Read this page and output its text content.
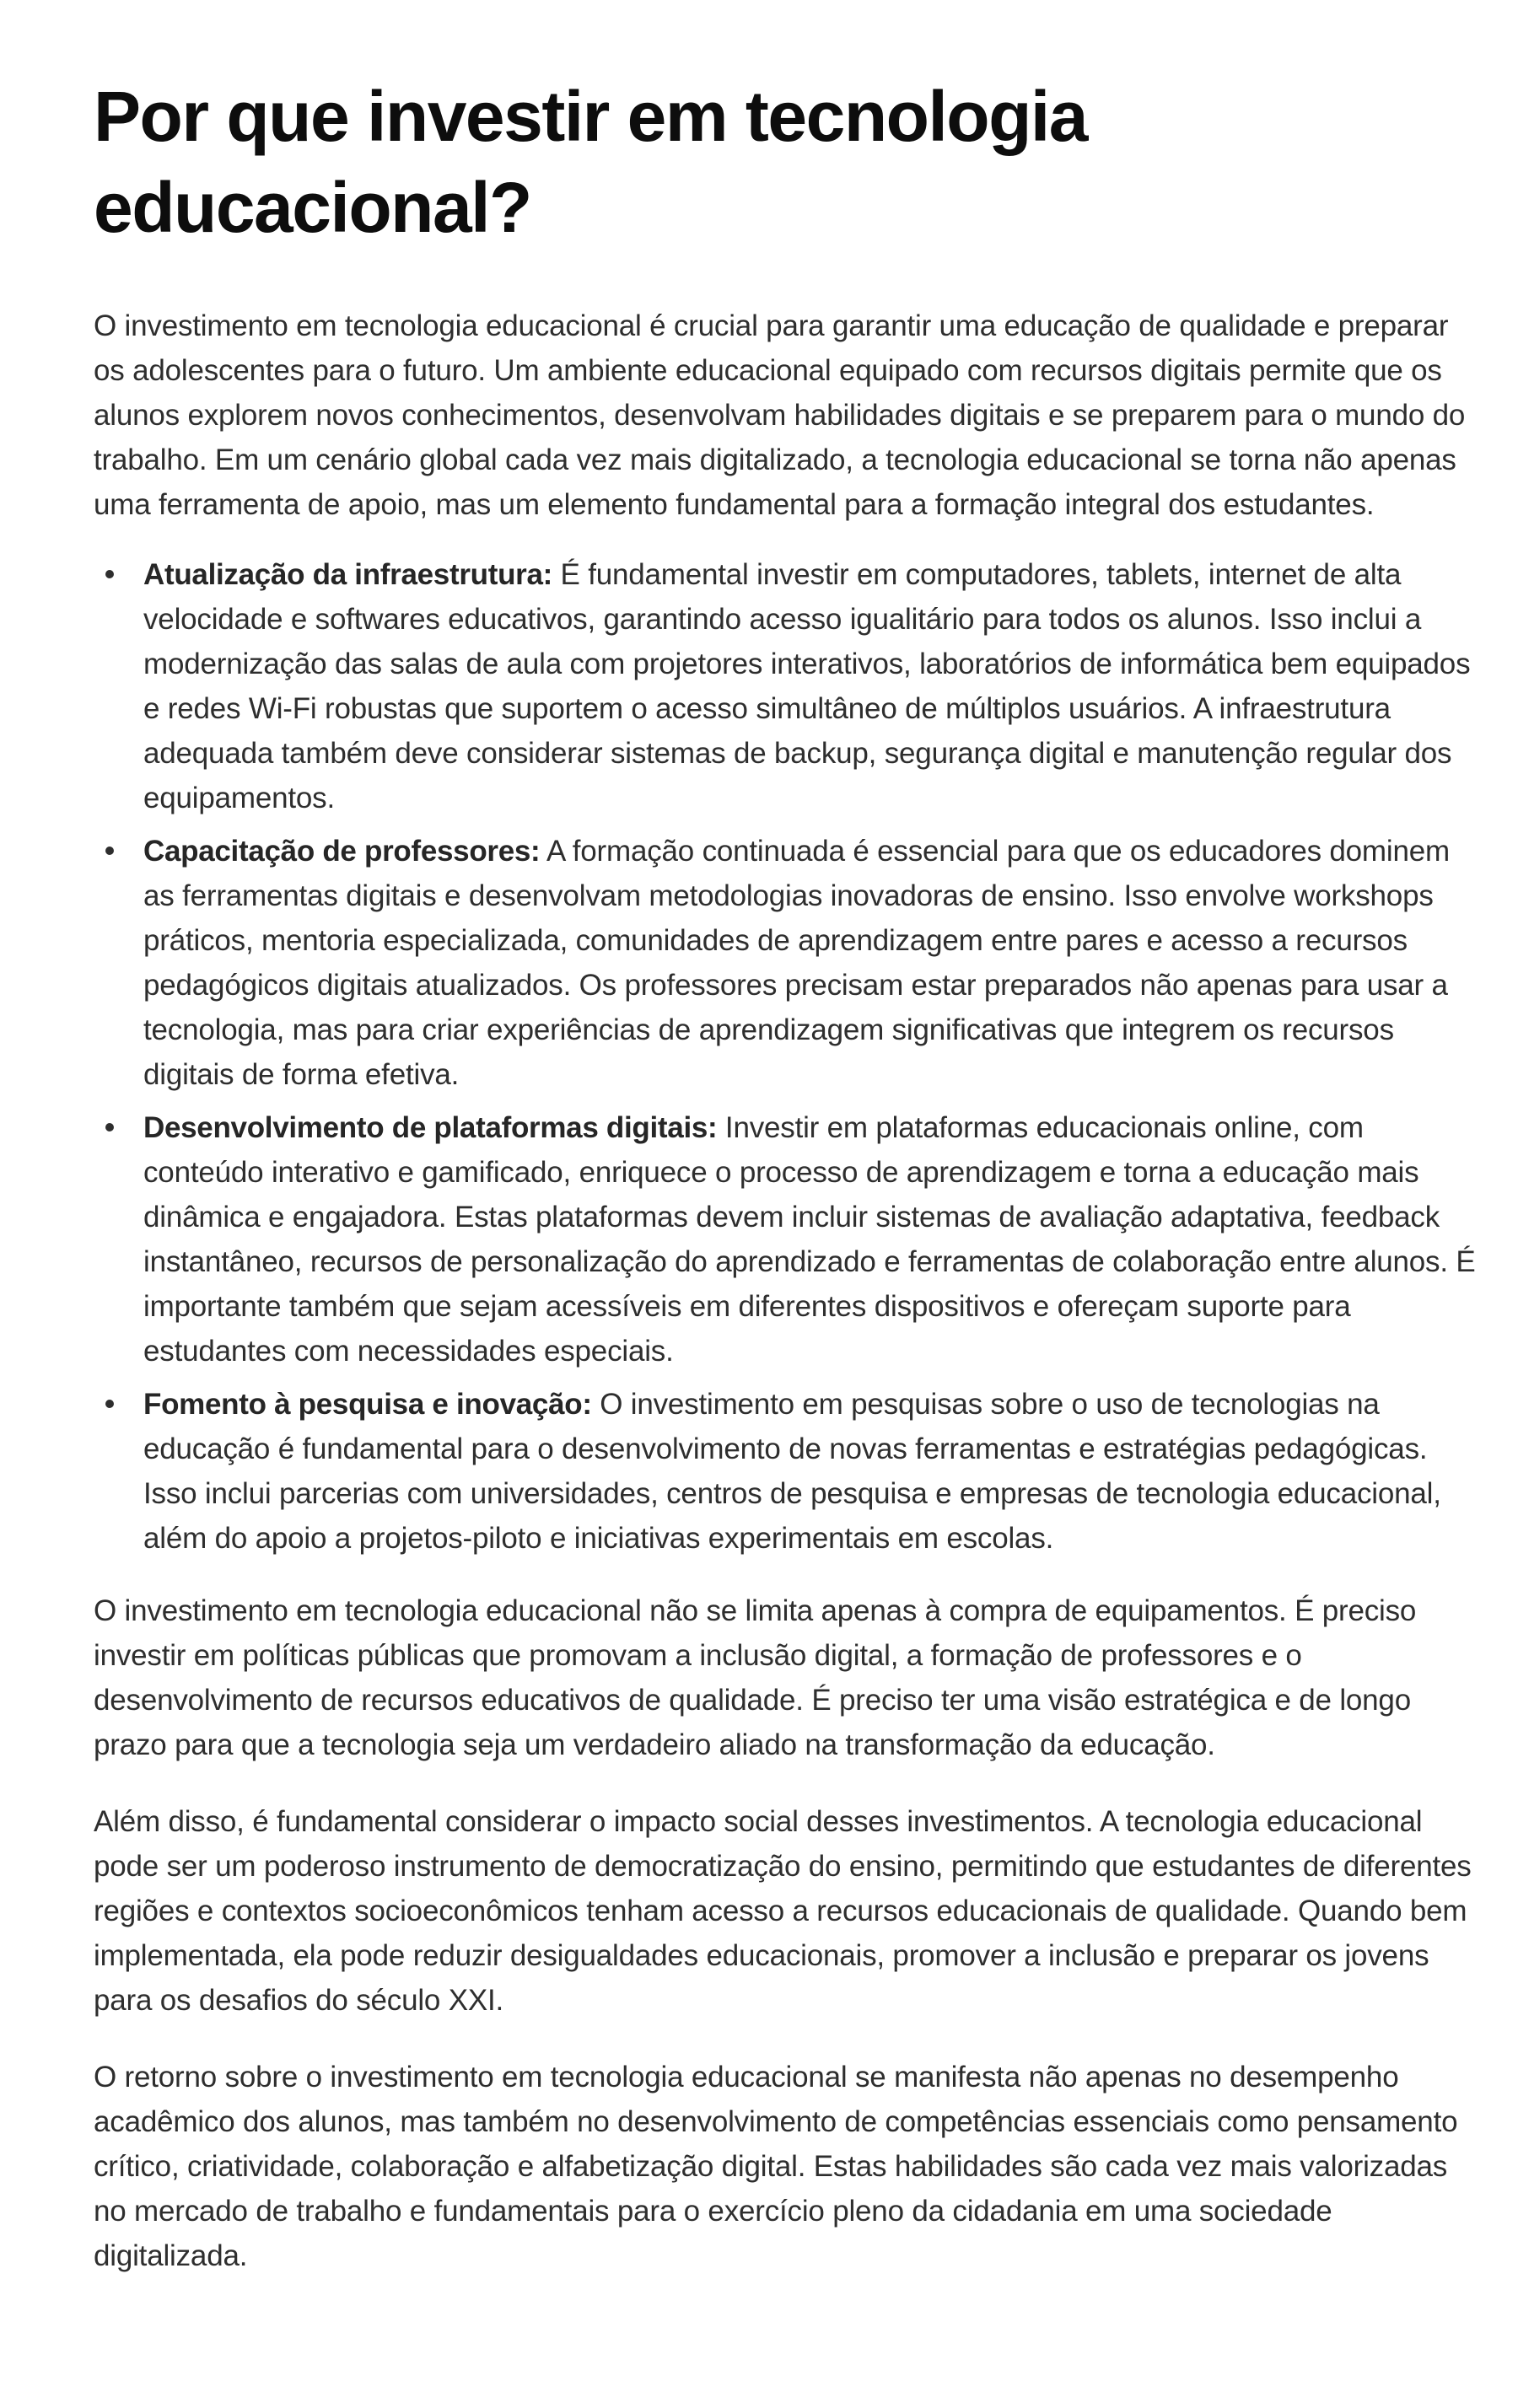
Por que investir em tecnologia educacional?

O investimento em tecnologia educacional é crucial para garantir uma educação de qualidade e preparar os adolescentes para o futuro. Um ambiente educacional equipado com recursos digitais permite que os alunos explorem novos conhecimentos, desenvolvam habilidades digitais e se preparem para o mundo do trabalho. Em um cenário global cada vez mais digitalizado, a tecnologia educacional se torna não apenas uma ferramenta de apoio, mas um elemento fundamental para a formação integral dos estudantes.

Atualização da infraestrutura: É fundamental investir em computadores, tablets, internet de alta velocidade e softwares educativos, garantindo acesso igualitário para todos os alunos. Isso inclui a modernização das salas de aula com projetores interativos, laboratórios de informática bem equipados e redes Wi-Fi robustas que suportem o acesso simultâneo de múltiplos usuários. A infraestrutura adequada também deve considerar sistemas de backup, segurança digital e manutenção regular dos equipamentos.
Capacitação de professores: A formação continuada é essencial para que os educadores dominem as ferramentas digitais e desenvolvam metodologias inovadoras de ensino. Isso envolve workshops práticos, mentoria especializada, comunidades de aprendizagem entre pares e acesso a recursos pedagógicos digitais atualizados. Os professores precisam estar preparados não apenas para usar a tecnologia, mas para criar experiências de aprendizagem significativas que integrem os recursos digitais de forma efetiva.
Desenvolvimento de plataformas digitais: Investir em plataformas educacionais online, com conteúdo interativo e gamificado, enriquece o processo de aprendizagem e torna a educação mais dinâmica e engajadora. Estas plataformas devem incluir sistemas de avaliação adaptativa, feedback instantâneo, recursos de personalização do aprendizado e ferramentas de colaboração entre alunos. É importante também que sejam acessíveis em diferentes dispositivos e ofereçam suporte para estudantes com necessidades especiais.
Fomento à pesquisa e inovação: O investimento em pesquisas sobre o uso de tecnologias na educação é fundamental para o desenvolvimento de novas ferramentas e estratégias pedagógicas. Isso inclui parcerias com universidades, centros de pesquisa e empresas de tecnologia educacional, além do apoio a projetos-piloto e iniciativas experimentais em escolas.

O investimento em tecnologia educacional não se limita apenas à compra de equipamentos. É preciso investir em políticas públicas que promovam a inclusão digital, a formação de professores e o desenvolvimento de recursos educativos de qualidade. É preciso ter uma visão estratégica e de longo prazo para que a tecnologia seja um verdadeiro aliado na transformação da educação.

Além disso, é fundamental considerar o impacto social desses investimentos. A tecnologia educacional pode ser um poderoso instrumento de democratização do ensino, permitindo que estudantes de diferentes regiões e contextos socioeconômicos tenham acesso a recursos educacionais de qualidade. Quando bem implementada, ela pode reduzir desigualdades educacionais, promover a inclusão e preparar os jovens para os desafios do século XXI.

O retorno sobre o investimento em tecnologia educacional se manifesta não apenas no desempenho acadêmico dos alunos, mas também no desenvolvimento de competências essenciais como pensamento crítico, criatividade, colaboração e alfabetização digital. Estas habilidades são cada vez mais valorizadas no mercado de trabalho e fundamentais para o exercício pleno da cidadania em uma sociedade digitalizada.
